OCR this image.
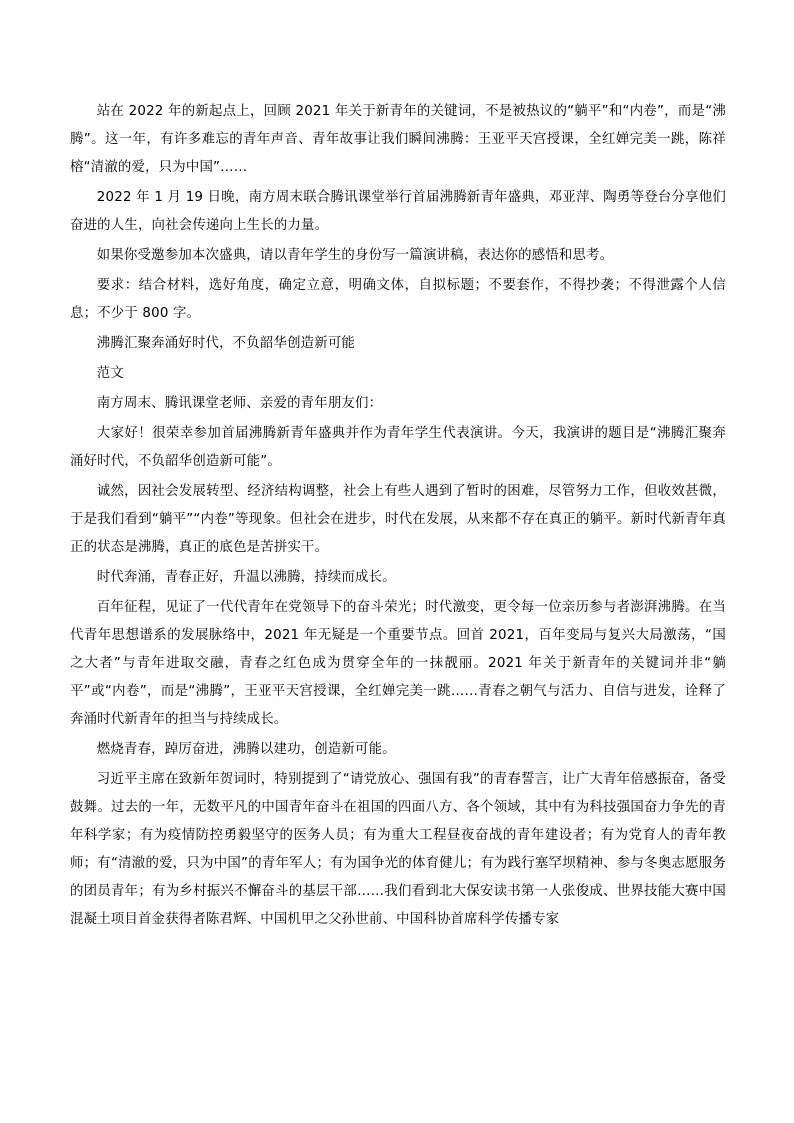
站在 2022 年的新起点上，回顾 2021 年关于新青年的关键词，不是被热议的“躺平”和“内卷”，而是“沸腾”。这一年，有许多难忘的青年声音、青年故事让我们瞬间沸腾：王亚平天宫授课，全红婵完美一跳，陈祥榕“清澈的爱，只为中国”……

2022 年 1 月 19 日晚，南方周末联合腾讯课堂举行首届沸腾新青年盛典，邓亚萍、陶勇等登台分享他们奋进的人生，向社会传递向上生长的力量。

如果你受邀参加本次盛典，请以青年学生的身份写一篇演讲稿，表达你的感悟和思考。

要求：结合材料，选好角度，确定立意，明确文体，自拟标题；不要套作，不得抄袭；不得泄露个人信息；不少于 800 字。

沸腾汇聚奔涌好时代，不负韶华创造新可能

范文

南方周末、腾讯课堂老师、亲爱的青年朋友们：

大家好！很荣幸参加首届沸腾新青年盛典并作为青年学生代表演讲。今天，我演讲的题目是“沸腾汇聚奔涌好时代，不负韶华创造新可能”。

诚然，因社会发展转型、经济结构调整，社会上有些人遇到了暂时的困难，尽管努力工作，但收效甚微，于是我们看到“躺平”“内卷”等现象。但社会在进步，时代在发展，从来都不存在真正的躺平。新时代新青年真正的状态是沸腾，真正的底色是苦拼实干。

时代奔涌，青春正好，升温以沸腾，持续而成长。

百年征程，见证了一代代青年在党领导下的奋斗荣光；时代激变，更令每一位亲历参与者澎湃沸腾。在当代青年思想谱系的发展脉络中，2021 年无疑是一个重要节点。回首 2021，百年变局与复兴大局激荡，“国之大者”与青年进取交融，青春之红色成为贯穿全年的一抹靓丽。2021 年关于新青年的关键词并非“躺平”或“内卷”，而是“沸腾”，王亚平天宫授课，全红婵完美一跳……青春之朝气与活力、自信与进发，诠释了奔涌时代新青年的担当与持续成长。

燃烧青春，踔厉奋进，沸腾以建功，创造新可能。

习近平主席在致新年贺词时，特别提到了“请党放心、强国有我”的青春誓言，让广大青年倍感振奋，备受鼓舞。过去的一年，无数平凡的中国青年奋斗在祖国的四面八方、各个领域，其中有为科技强国奋力争先的青年科学家；有为疫情防控勇毅坚守的医务人员；有为重大工程昼夜奋战的青年建设者；有为党育人的青年教师；有“清澈的爱，只为中国”的青年军人；有为国争光的体育健儿；有为践行塞罕坝精神、参与冬奥志愿服务的团员青年；有为乡村振兴不懈奋斗的基层干部……我们看到北大保安读书第一人张俊成、世界技能大赛中国混凝土项目首金获得者陈君辉、中国机甲之父孙世前、中国科协首席科学传播专家
